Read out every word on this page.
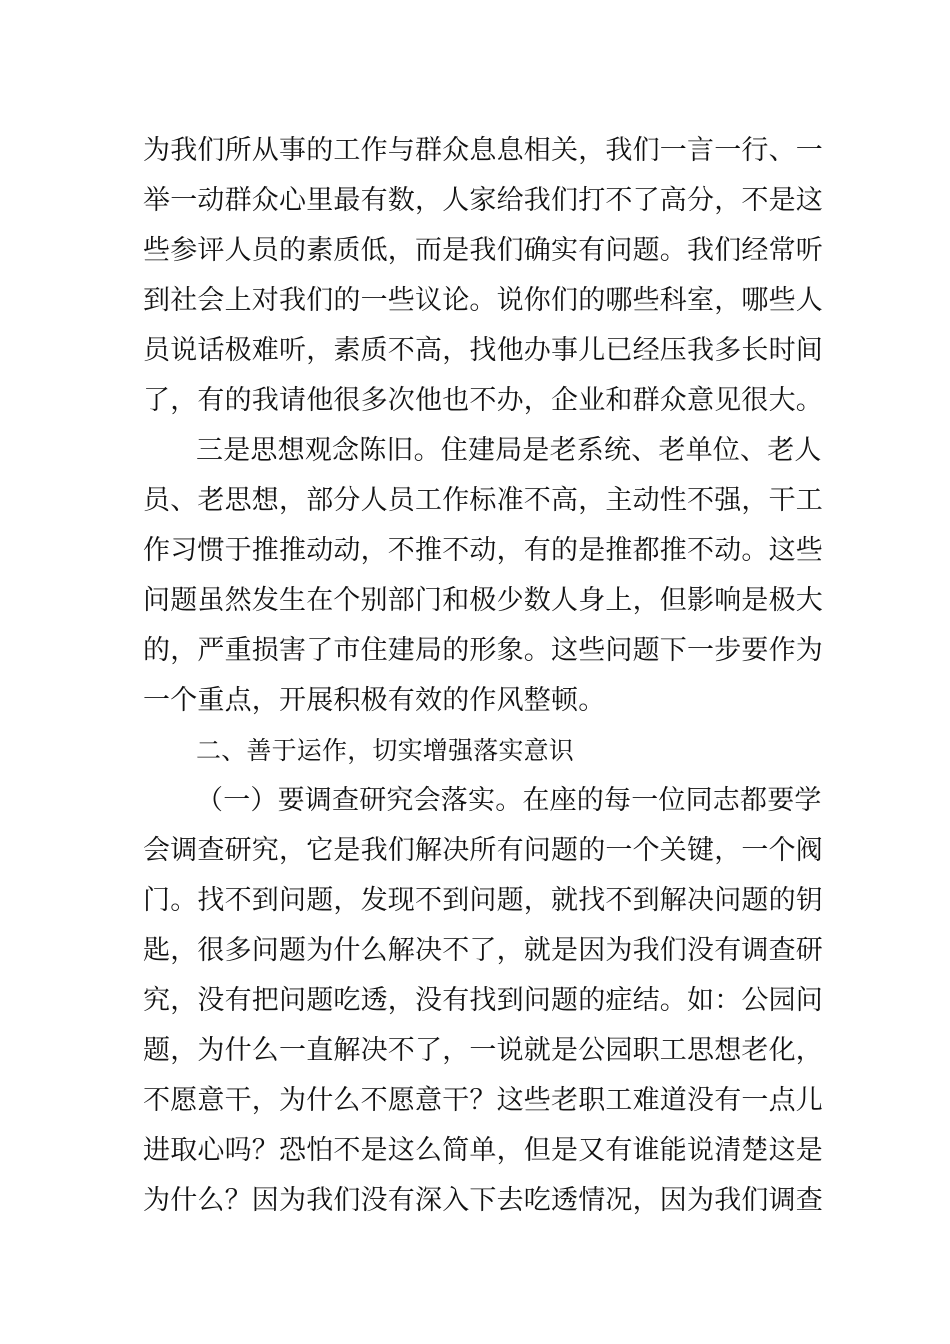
为我们所从事的工作与群众息息相关，我们一言一行、一
举一动群众心里最有数，人家给我们打不了高分，不是这
些参评人员的素质低，而是我们确实有问题。我们经常听
到社会上对我们的一些议论。说你们的哪些科室，哪些人
员说话极难听，素质不高，找他办事儿已经压我多长时间
了，有的我请他很多次他也不办，企业和群众意见很大。
三是思想观念陈旧。住建局是老系统、老单位、老人
员、老思想，部分人员工作标准不高，主动性不强，干工
作习惯于推推动动，不推不动，有的是推都推不动。这些
问题虽然发生在个别部门和极少数人身上，但影响是极大
的，严重损害了市住建局的形象。这些问题下一步要作为
一个重点，开展积极有效的作风整顿。
二、善于运作，切实增强落实意识
（一）要调查研究会落实。在座的每一位同志都要学
会调查研究，它是我们解决所有问题的一个关键，一个阀
门。找不到问题，发现不到问题，就找不到解决问题的钥
匙，很多问题为什么解决不了，就是因为我们没有调查研
究，没有把问题吃透，没有找到问题的症结。如：公园问
题，为什么一直解决不了，一说就是公园职工思想老化，
不愿意干，为什么不愿意干？这些老职工难道没有一点儿
进取心吗？恐怕不是这么简单，但是又有谁能说清楚这是
为什么？因为我们没有深入下去吃透情况，因为我们调查
